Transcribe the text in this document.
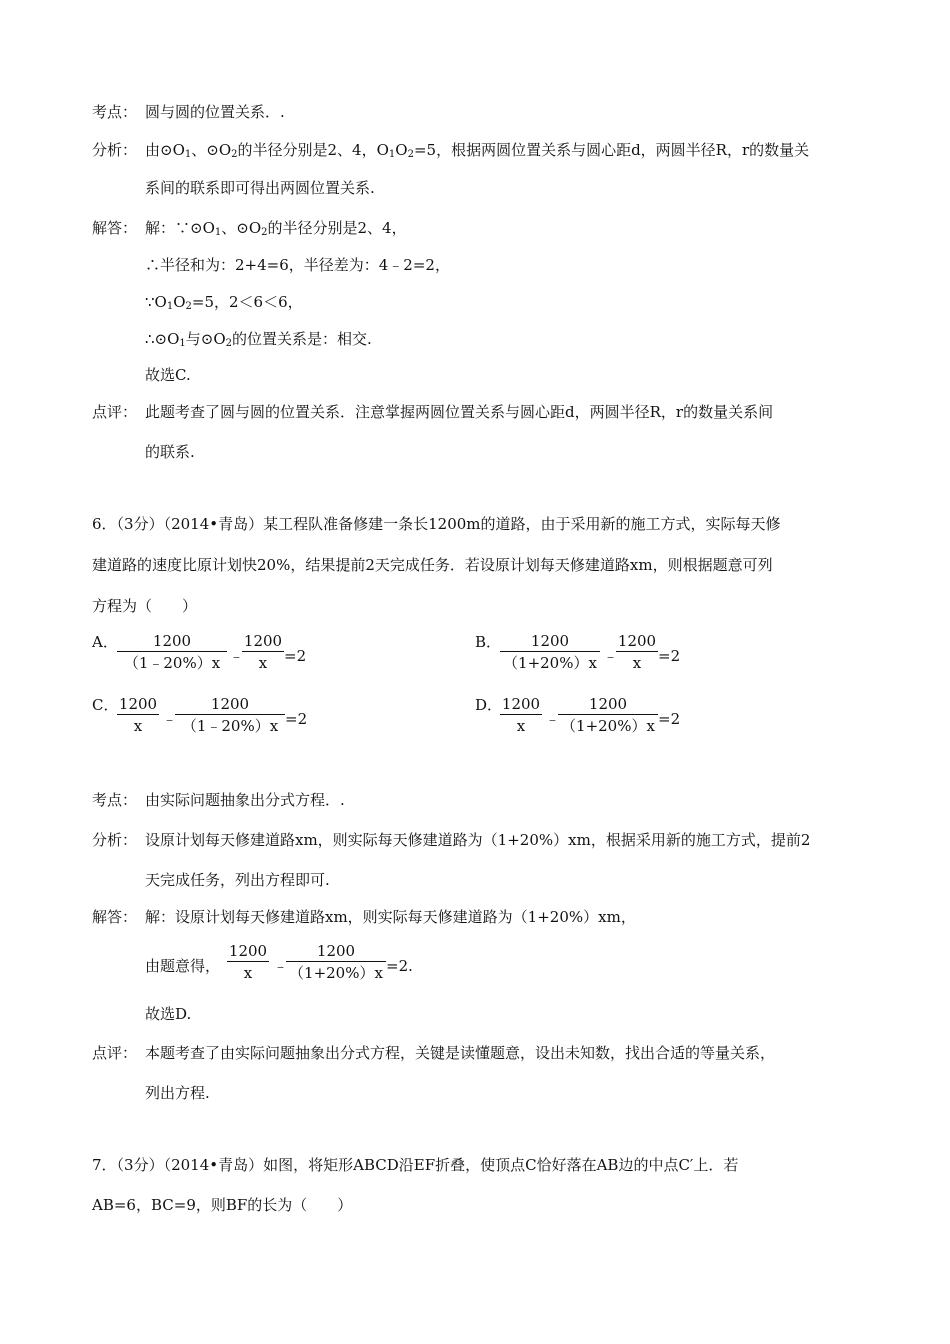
考点： 圆与圆的位置关系．.
分析： 由$⊙O_1$、$⊙O_2$的半径分别是2、4，$O_1O_2=5$，根据两圆位置关系与圆心距d，两圆半径R，r的数量关
系间的联系即可得出两圆位置关系.
解答： 解：$\because⊙O_1$、$⊙O_2$的半径分别是2、4，
∴半径和为：2+4=6，半径差为：4﹣2=2，
$\because O_1O_2=5$，2＜6＜6，
$\therefore⊙O_1$与$⊙O_2$的位置关系是：相交.
故选C.
点评： 此题考查了圆与圆的位置关系．注意掌握两圆位置关系与圆心距d，两圆半径R，r的数量关系间
的联系.
6．（3分）（2014•青岛）某工程队准备修建一条长1200m的道路，由于采用新的施工方式，实际每天修
建道路的速度比原计划快20%，结果提前2天完成任务．若设原计划每天修建道路xm，则根据题意可列
方程为（　　）
A．	1200
（1﹣20%）x ﹣
1200
x	=2
B．	1200
（1+20%）x ﹣
1200
x	=2
C． 1200
x	﹣
1200
（1﹣20%）x =2
D． 1200
x	﹣
1200
（1+20%）x =2
考点： 由实际问题抽象出分式方程．.
分析： 设原计划每天修建道路xm，则实际每天修建道路为（1+20%）xm，根据采用新的施工方式，提前2
天完成任务，列出方程即可.
解答： 解：设原计划每天修建道路xm，则实际每天修建道路为（1+20%）xm，
由题意得，
1200
x	﹣
1200
（1+20%）x =2.
故选D.
点评： 本题考查了由实际问题抽象出分式方程，关键是读懂题意，设出未知数，找出合适的等量关系，
列出方程.
7．（3分）（2014•青岛）如图，将矩形ABCD沿EF折叠，使顶点C恰好落在AB边的中点C′上．若
AB=6，BC=9，则BF的长为（　　）
